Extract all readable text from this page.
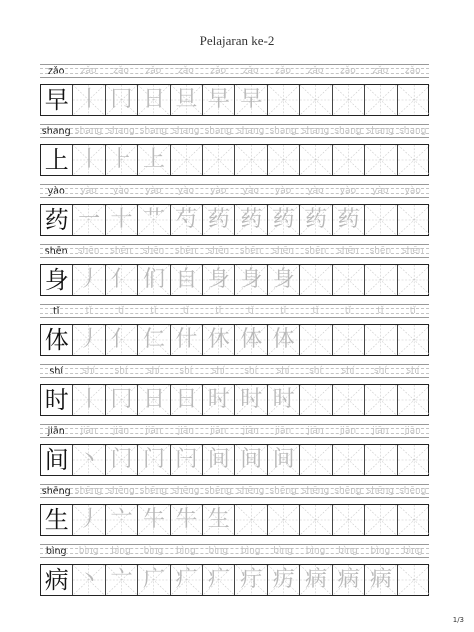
Pelajaran ke-2
zǎo	zǎo	zǎo	zǎo	zǎo	zǎo	zǎo	zǎo	zǎo	zǎo	zǎo	zǎo
早 丨 冂 日 旦 早 早
shang shang shang shang shang shang shang shang shang shang shang shang
上 丨 ⺊ 上
yào	yào	yào	yào	yào	yào	yào	yào	yào	yào	yào	yào
药 一 十 艹 芍 药 药 药 药 药
shēn	shēn	shēn	shēn	shēn	shēn	shēn	shēn	shēn	shēn	shēn	shēn
身 丿 亻 们 自 身 身 身
tǐ	tǐ	tǐ	tǐ	tǐ	tǐ	tǐ	tǐ	tǐ	tǐ	tǐ	tǐ
体 丿 亻 仁 什 休 体 体
shí	shí	shí	shí	shí	shí	shí	shí	shí	shí	shí	shí
时 丨 冂 日 日 时 时 时
jiān	jiān	jiān	jiān	jiān	jiān	jiān	jiān	jiān	jiān	jiān	jiān
间 丶 门 门 闩 间 间 间
shēng shēng shēng shēng shēng shēng shēng shēng shēng shēng shēng shēng
生 丿 亠 牛 牛 生
bìng	bìng	bìng	bìng	bìng	bìng	bìng	bìng	bìng	bìng	bìng	bìng
病 丶 亠 广 疒 疒 疔 疠 病 病 病
1/3
